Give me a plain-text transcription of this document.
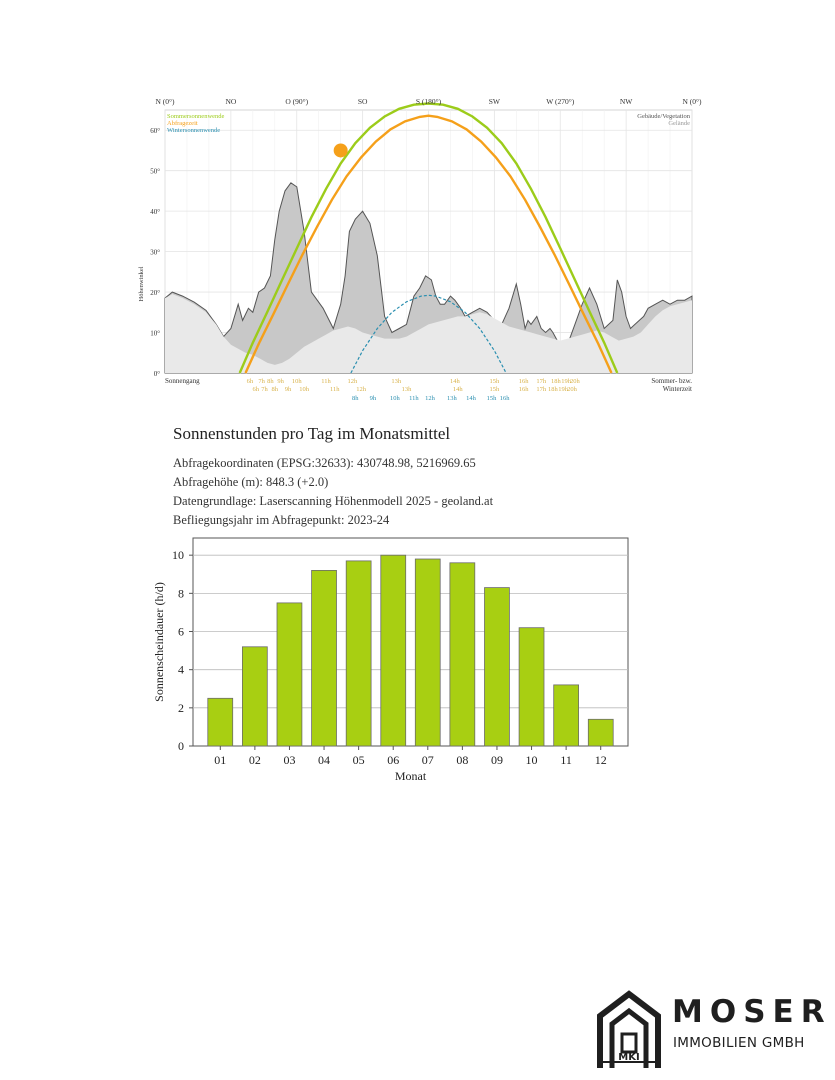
N (0°)	NO	O (90°)	SO	S (180°)	SW	W (270°)	NW	N (0°)
0°
10°
20°
30°
40°
50°
60°
Höhenwinkel
Sommersonnenwende
Abfragezeit
Wintersonnenwende
Gebäude/Vegetation
Gelände
Sonnengang	Sommer- bzw.
Winterzeit
6h 7h 8h 9h 10h	11h	12h	13h	14h	15h	16h 17h 18h 19h 20h
6h 7h 8h 9h 10h	11h	12h	13h	14h	15h	16h 17h 18h 19h 20h
8h 9h 10h 11h 12h 13h 14h 15h 16h
Sonnenstunden pro Tag im Monatsmittel

Abfragekoordinaten (EPSG:32633): 430748.98, 5216969.65

Abfragehöhe (m): 848.3 (+2.0)

Datengrundlage: Laserscanning Höhenmodell 2025 - geoland.at

Befliegungsjahr im Abfragepunkt: 2023-24

0
2
4
6
8
10
01 02 03 04 05 06 07 08 09 10 11 12
Monat
Sonnenscheindauer (h/d)
MKI
MOSER
IMMOBILIEN GMBH
